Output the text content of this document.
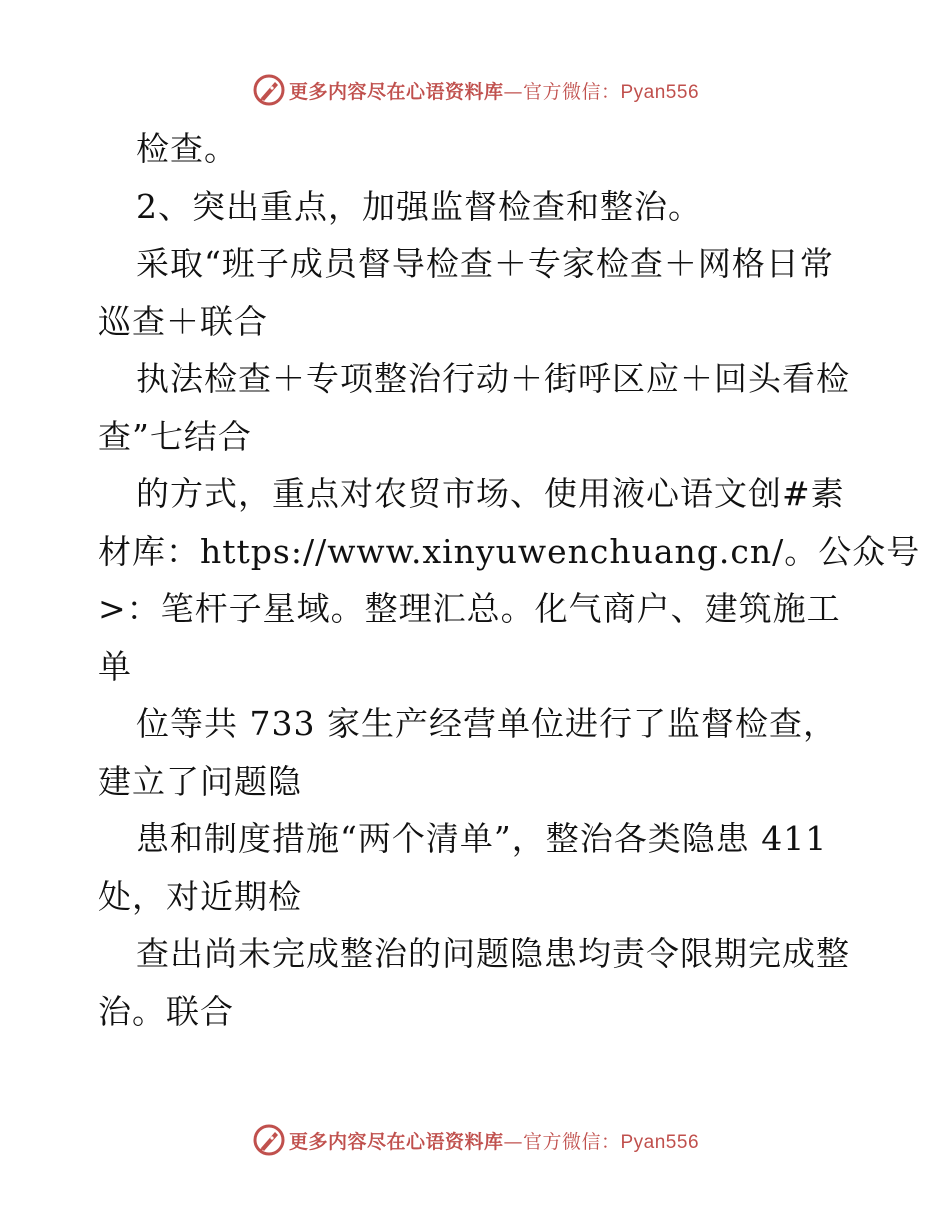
更多内容尽在心语资料库—官方微信：Pyan556
检查。
2、突出重点，加强监督检查和整治。
采取“班子成员督导检查＋专家检查＋网格日常
巡查＋联合
执法检查＋专项整治行动＋街呼区应＋回头看检
查”七结合
的方式，重点对农贸市场、使用液心语文创#素
材库：https://www.xinyuwenchuang.cn/。公众号
>：笔杆子星域。整理汇总。化气商户、建筑施工
单
位等共 733 家生产经营单位进行了监督检查，
建立了问题隐
患和制度措施“两个清单”，整治各类隐患 411
处，对近期检
查出尚未完成整治的问题隐患均责令限期完成整
治。联合
更多内容尽在心语资料库—官方微信：Pyan556
